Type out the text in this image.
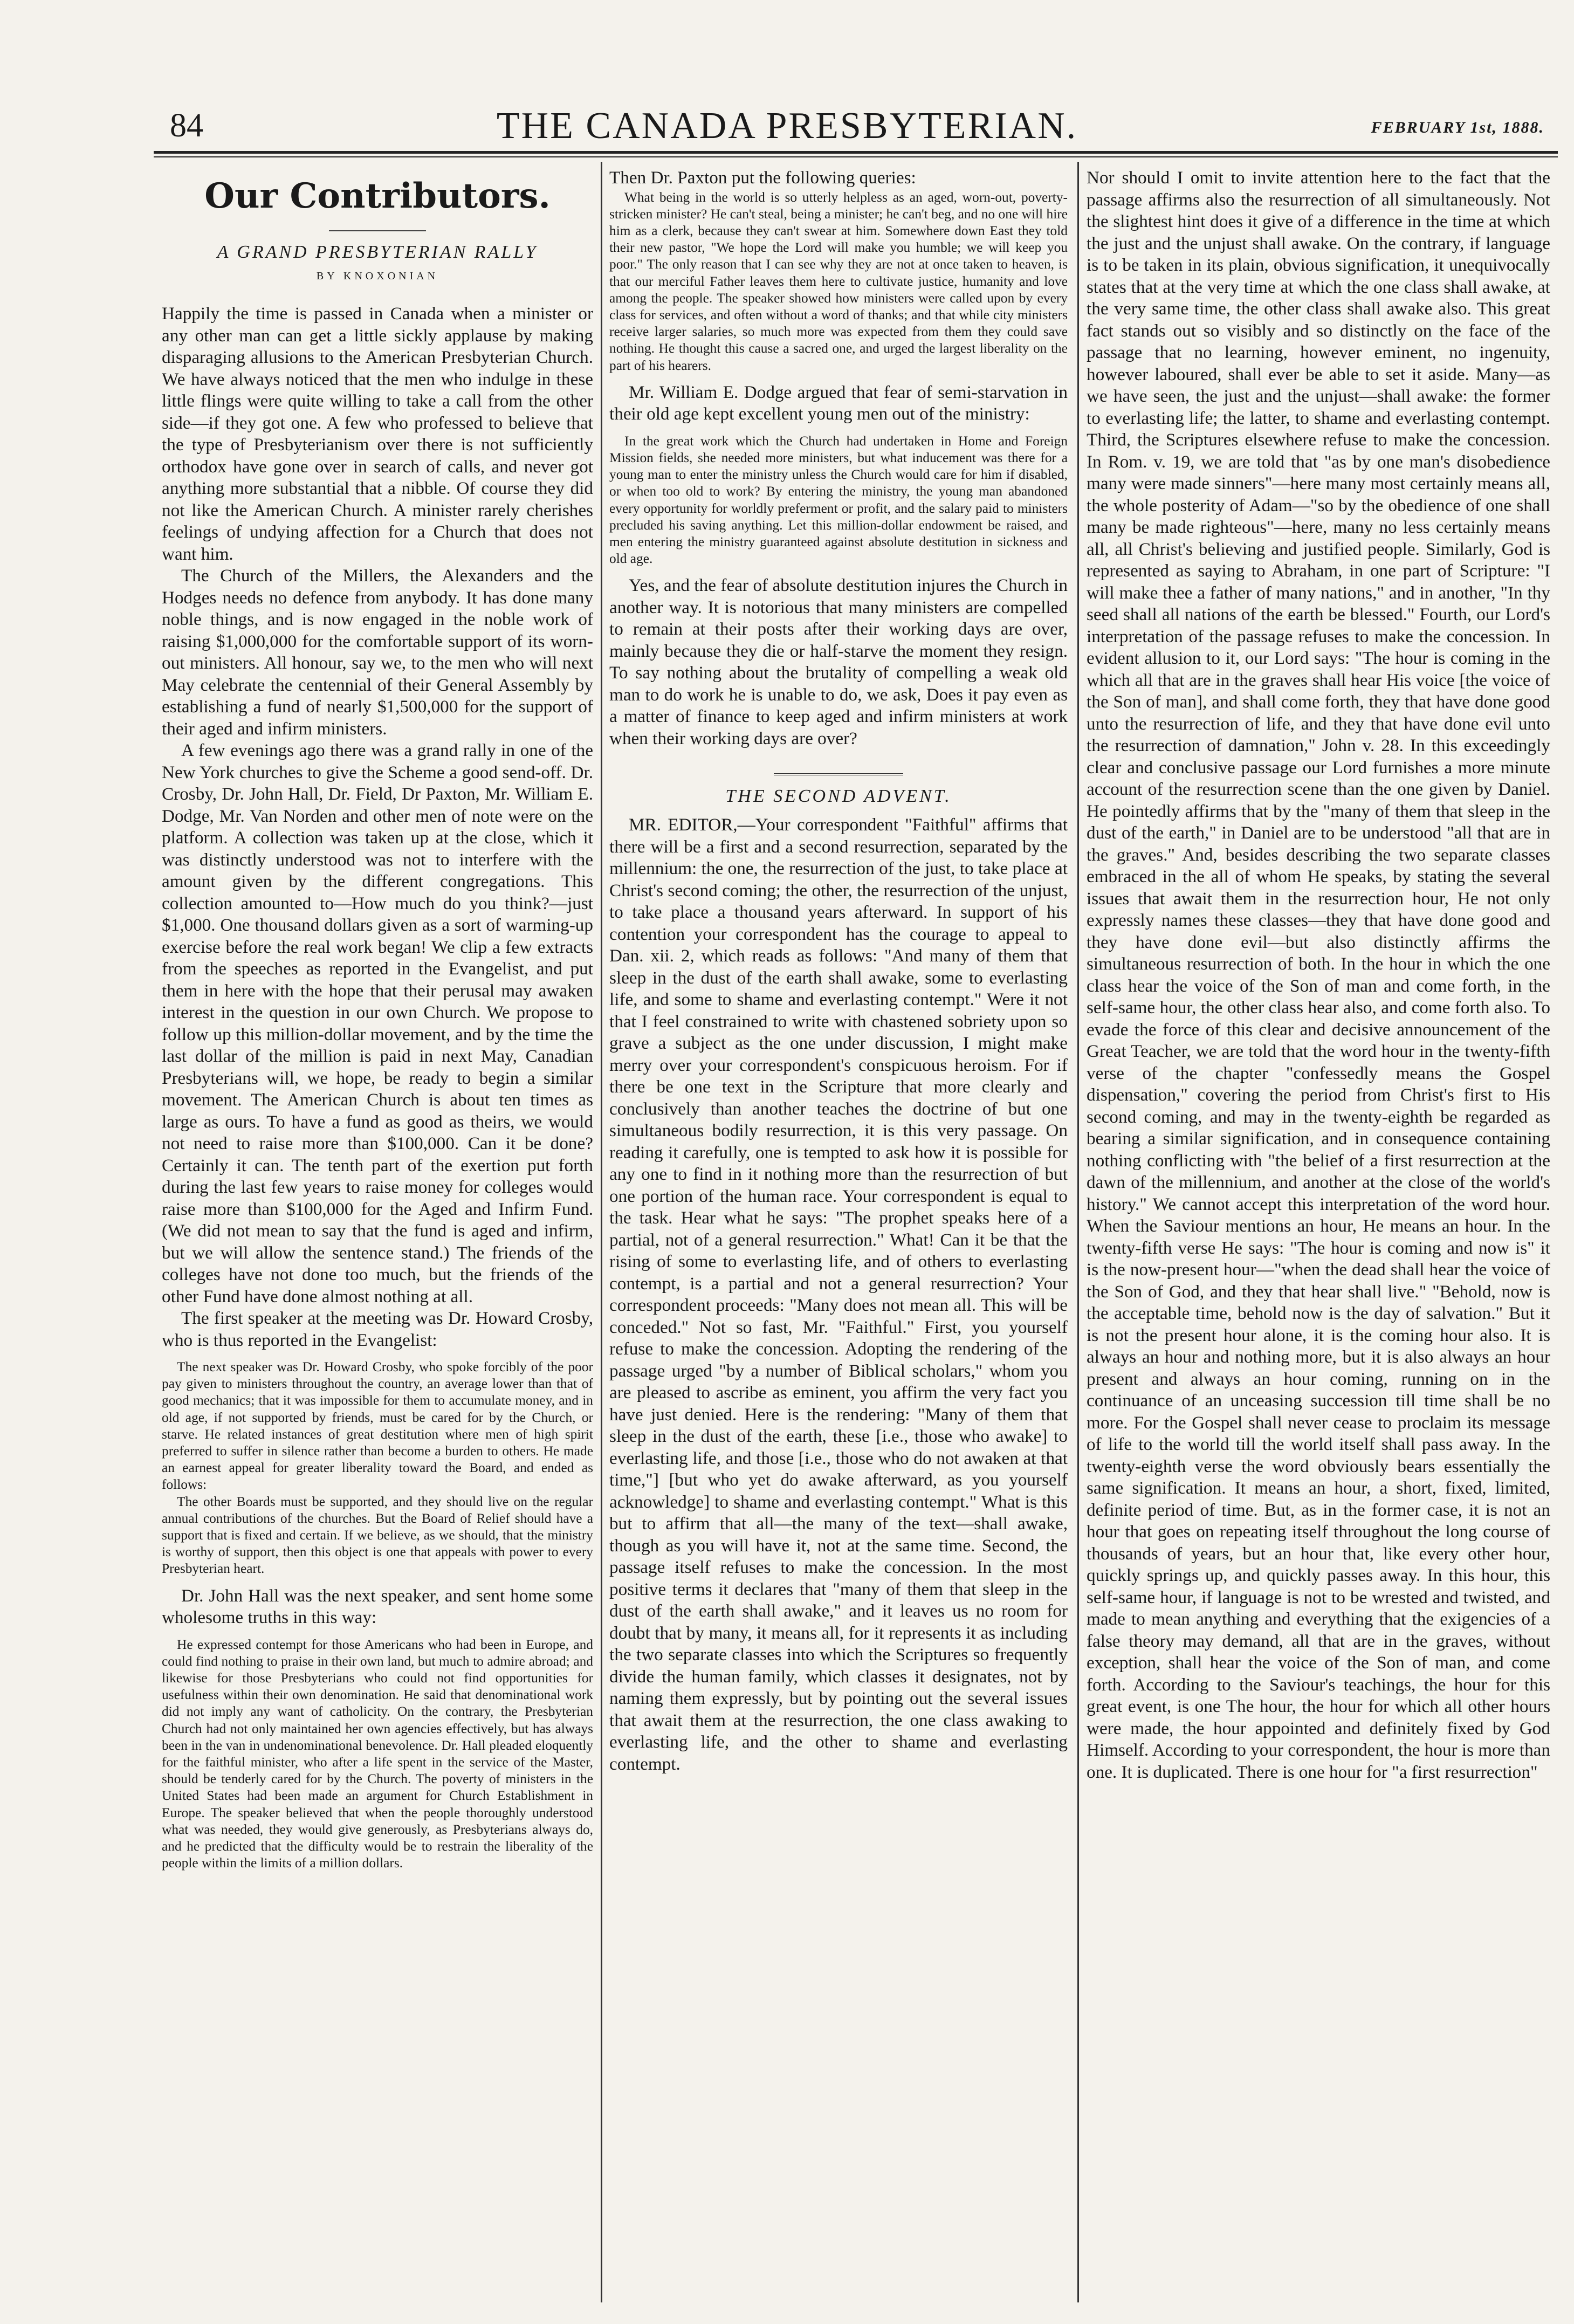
84	THE CANADA PRESBYTERIAN.	FEBRUARY 1st, 1888.
Our Contributors.
A GRAND PRESBYTERIAN RALLY
BY KNOXONIAN

Happily the time is passed in Canada when a minister or any other man can get a little sickly applause by making disparaging allusions to the American Presbyterian Church. We have always noticed that the men who indulge in these little flings were quite willing to take a call from the other side—if they got one. A few who professed to believe that the type of Presbyterianism over there is not sufficiently orthodox have gone over in search of calls, and never got anything more substantial that a nibble. Of course they did not like the American Church. A minister rarely cherishes feelings of undying affection for a Church that does not want him.

The Church of the Millers, the Alexanders and the Hodges needs no defence from anybody. It has done many noble things, and is now engaged in the noble work of raising $1,000,000 for the comfortable support of its worn-out ministers. All honour, say we, to the men who will next May celebrate the centennial of their General Assembly by establishing a fund of nearly $1,500,000 for the support of their aged and infirm ministers.

A few evenings ago there was a grand rally in one of the New York churches to give the Scheme a good send-off. Dr. Crosby, Dr. John Hall, Dr. Field, Dr Paxton, Mr. William E. Dodge, Mr. Van Norden and other men of note were on the platform. A collection was taken up at the close, which it was distinctly understood was not to interfere with the amount given by the different congregations. This collection amounted to—How much do you think?—just $1,000. One thousand dollars given as a sort of warming-up exercise before the real work began! We clip a few extracts from the speeches as reported in the Evangelist, and put them in here with the hope that their perusal may awaken interest in the question in our own Church. We propose to follow up this million-dollar movement, and by the time the last dollar of the million is paid in next May, Canadian Presbyterians will, we hope, be ready to begin a similar movement. The American Church is about ten times as large as ours. To have a fund as good as theirs, we would not need to raise more than $100,000. Can it be done? Certainly it can. The tenth part of the exertion put forth during the last few years to raise money for colleges would raise more than $100,000 for the Aged and Infirm Fund. (We did not mean to say that the fund is aged and infirm, but we will allow the sentence stand.) The friends of the colleges have not done too much, but the friends of the other Fund have done almost nothing at all.

The first speaker at the meeting was Dr. Howard Crosby, who is thus reported in the Evangelist:

The next speaker was Dr. Howard Crosby, who spoke forcibly of the poor pay given to ministers throughout the country, an average lower than that of good mechanics; that it was impossible for them to accumulate money, and in old age, if not supported by friends, must be cared for by the Church, or starve. He related instances of great destitution where men of high spirit preferred to suffer in silence rather than become a burden to others. He made an earnest appeal for greater liberality toward the Board, and ended as follows:

The other Boards must be supported, and they should live on the regular annual contributions of the churches. But the Board of Relief should have a support that is fixed and certain. If we believe, as we should, that the ministry is worthy of support, then this object is one that appeals with power to every Presbyterian heart.

Dr. John Hall was the next speaker, and sent home some wholesome truths in this way:

He expressed contempt for those Americans who had been in Europe, and could find nothing to praise in their own land, but much to admire abroad; and likewise for those Presbyterians who could not find opportunities for usefulness within their own denomination. He said that denominational work did not imply any want of catholicity. On the contrary, the Presbyterian Church had not only maintained her own agencies effectively, but has always been in the van in undenominational benevolence. Dr. Hall pleaded eloquently for the faithful minister, who after a life spent in the service of the Master, should be tenderly cared for by the Church. The poverty of ministers in the United States had been made an argument for Church Establishment in Europe. The speaker believed that when the people thoroughly understood what was needed, they would give generously, as Presbyterians always do, and he predicted that the difficulty would be to restrain the liberality of the people within the limits of a million dollars.

Then Dr. Paxton put the following queries:

What being in the world is so utterly helpless as an aged, worn-out, poverty-stricken minister? He can't steal, being a minister; he can't beg, and no one will hire him as a clerk, because they can't swear at him. Somewhere down East they told their new pastor, "We hope the Lord will make you humble; we will keep you poor." The only reason that I can see why they are not at once taken to heaven, is that our merciful Father leaves them here to cultivate justice, humanity and love among the people. The speaker showed how ministers were called upon by every class for services, and often without a word of thanks; and that while city ministers receive larger salaries, so much more was expected from them they could save nothing. He thought this cause a sacred one, and urged the largest liberality on the part of his hearers.

Mr. William E. Dodge argued that fear of semi-starvation in their old age kept excellent young men out of the ministry:

In the great work which the Church had undertaken in Home and Foreign Mission fields, she needed more ministers, but what inducement was there for a young man to enter the ministry unless the Church would care for him if disabled, or when too old to work? By entering the ministry, the young man abandoned every opportunity for worldly preferment or profit, and the salary paid to ministers precluded his saving anything. Let this million-dollar endowment be raised, and men entering the ministry guaranteed against absolute destitution in sickness and old age.

Yes, and the fear of absolute destitution injures the Church in another way. It is notorious that many ministers are compelled to remain at their posts after their working days are over, mainly because they die or half-starve the moment they resign. To say nothing about the brutality of compelling a weak old man to do work he is unable to do, we ask, Does it pay even as a matter of finance to keep aged and infirm ministers at work when their working days are over?

THE SECOND ADVENT.

MR. EDITOR,—Your correspondent "Faithful" affirms that there will be a first and a second resurrection, separated by the millennium: the one, the resurrection of the just, to take place at Christ's second coming; the other, the resurrection of the unjust, to take place a thousand years afterward. In support of his contention your correspondent has the courage to appeal to Dan. xii. 2, which reads as follows: "And many of them that sleep in the dust of the earth shall awake, some to everlasting life, and some to shame and everlasting contempt." Were it not that I feel constrained to write with chastened sobriety upon so grave a subject as the one under discussion, I might make merry over your correspondent's conspicuous heroism. For if there be one text in the Scripture that more clearly and conclusively than another teaches the doctrine of but one simultaneous bodily resurrection, it is this very passage. On reading it carefully, one is tempted to ask how it is possible for any one to find in it nothing more than the resurrection of but one portion of the human race. Your correspondent is equal to the task. Hear what he says: "The prophet speaks here of a partial, not of a general resurrection." What! Can it be that the rising of some to everlasting life, and of others to everlasting contempt, is a partial and not a general resurrection? Your correspondent proceeds: "Many does not mean all. This will be conceded." Not so fast, Mr. "Faithful." First, you yourself refuse to make the concession. Adopting the rendering of the passage urged "by a number of Biblical scholars," whom you are pleased to ascribe as eminent, you affirm the very fact you have just denied. Here is the rendering: "Many of them that sleep in the dust of the earth, these [i.e., those who awake] to everlasting life, and those [i.e., those who do not awaken at that time,"] [but who yet do awake afterward, as you yourself acknowledge] to shame and everlasting contempt." What is this but to affirm that all—the many of the text—shall awake, though as you will have it, not at the same time. Second, the passage itself refuses to make the concession. In the most positive terms it declares that "many of them that sleep in the dust of the earth shall awake," and it leaves us no room for doubt that by many, it means all, for it represents it as including the two separate classes into which the Scriptures so frequently divide the human family, which classes it designates, not by naming them expressly, but by pointing out the several issues that await them at the resurrection, the one class awaking to everlasting life, and the other to shame and everlasting contempt.

Nor should I omit to invite attention here to the fact that the passage affirms also the resurrection of all simultaneously. Not the slightest hint does it give of a difference in the time at which the just and the unjust shall awake. On the contrary, if language is to be taken in its plain, obvious signification, it unequivocally states that at the very time at which the one class shall awake, at the very same time, the other class shall awake also. This great fact stands out so visibly and so distinctly on the face of the passage that no learning, however eminent, no ingenuity, however laboured, shall ever be able to set it aside. Many—as we have seen, the just and the unjust—shall awake: the former to everlasting life; the latter, to shame and everlasting contempt. Third, the Scriptures elsewhere refuse to make the concession. In Rom. v. 19, we are told that "as by one man's disobedience many were made sinners"—here many most certainly means all, the whole posterity of Adam—"so by the obedience of one shall many be made righteous"—here, many no less certainly means all, all Christ's believing and justified people. Similarly, God is represented as saying to Abraham, in one part of Scripture: "I will make thee a father of many nations," and in another, "In thy seed shall all nations of the earth be blessed." Fourth, our Lord's interpretation of the passage refuses to make the concession. In evident allusion to it, our Lord says: "The hour is coming in the which all that are in the graves shall hear His voice [the voice of the Son of man], and shall come forth, they that have done good unto the resurrection of life, and they that have done evil unto the resurrection of damnation," John v. 28. In this exceedingly clear and conclusive passage our Lord furnishes a more minute account of the resurrection scene than the one given by Daniel. He pointedly affirms that by the "many of them that sleep in the dust of the earth," in Daniel are to be understood "all that are in the graves." And, besides describing the two separate classes embraced in the all of whom He speaks, by stating the several issues that await them in the resurrection hour, He not only expressly names these classes—they that have done good and they have done evil—but also distinctly affirms the simultaneous resurrection of both. In the hour in which the one class hear the voice of the Son of man and come forth, in the self-same hour, the other class hear also, and come forth also. To evade the force of this clear and decisive announcement of the Great Teacher, we are told that the word hour in the twenty-fifth verse of the chapter "confessedly means the Gospel dispensation," covering the period from Christ's first to His second coming, and may in the twenty-eighth be regarded as bearing a similar signification, and in consequence containing nothing conflicting with "the belief of a first resurrection at the dawn of the millennium, and another at the close of the world's history." We cannot accept this interpretation of the word hour. When the Saviour mentions an hour, He means an hour. In the twenty-fifth verse He says: "The hour is coming and now is" it is the now-present hour—"when the dead shall hear the voice of the Son of God, and they that hear shall live." "Behold, now is the acceptable time, behold now is the day of salvation." But it is not the present hour alone, it is the coming hour also. It is always an hour and nothing more, but it is also always an hour present and always an hour coming, running on in the continuance of an unceasing succession till time shall be no more. For the Gospel shall never cease to proclaim its message of life to the world till the world itself shall pass away. In the twenty-eighth verse the word obviously bears essentially the same signification. It means an hour, a short, fixed, limited, definite period of time. But, as in the former case, it is not an hour that goes on repeating itself throughout the long course of thousands of years, but an hour that, like every other hour, quickly springs up, and quickly passes away. In this hour, this self-same hour, if language is not to be wrested and twisted, and made to mean anything and everything that the exigencies of a false theory may demand, all that are in the graves, without exception, shall hear the voice of the Son of man, and come forth. According to the Saviour's teachings, the hour for this great event, is one The hour, the hour for which all other hours were made, the hour appointed and definitely fixed by God Himself. According to your correspondent, the hour is more than one. It is duplicated. There is one hour for "a first resurrection"
